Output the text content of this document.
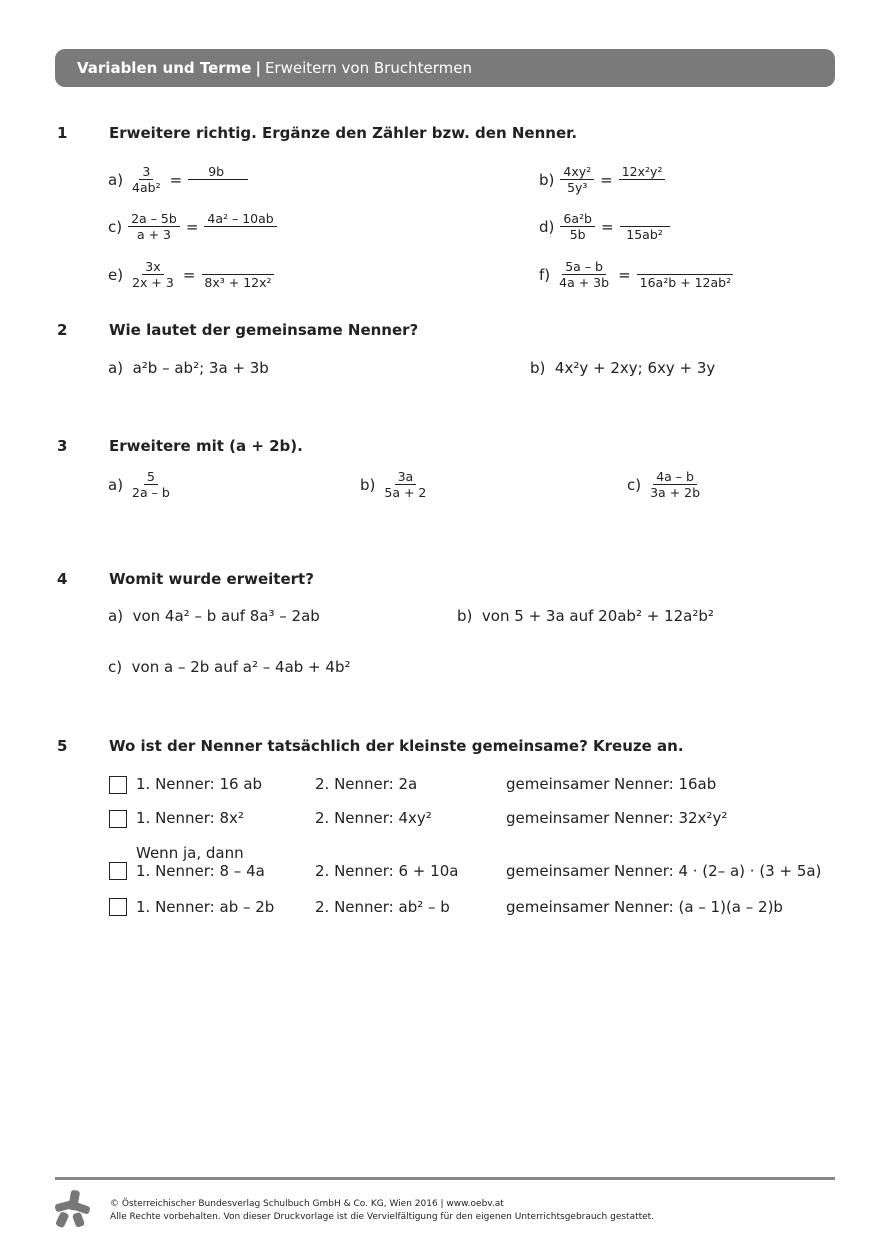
Variablen und Terme | Erweitern von Bruchtermen
1	Erweitere richtig. Ergänze den Zähler bzw. den Nenner.
$a) \frac{3}{\text{4ab²}}$ =	9b	$b) \frac{\text{4xy²}}{\text{5y³}} = 12x^2y^2$
$c) \frac{2a - 5b}{a + 3} = 4a^2 - 10ab$	$d) \frac{\text{6a²b}}{5b} = 15ab^2$
$e) \frac{3x}{2x + 3} = 8x^3 + 12x^2$	$f) \frac{5a - b}{4a + 3b} = 16a^2b + 12ab^2$
2	Wie lautet der gemeinsame Nenner?
a) a²b – ab²; 3a + 3b	b) 4x²y + 2xy; 6xy + 3y
3	Erweitere mit (a + 2b).
$a) \frac{5}{2a - b}$	$b) \frac{3a}{5a + 2}$	$c) \frac{4a - b}{3a + 2b}$
4	Womit wurde erweitert?
a) von 4a² – b auf 8a³ – 2ab	b) von 5 + 3a auf 20ab² + 12a²b²
c) von a – 2b auf a² – 4ab + 4b²
5	Wo ist der Nenner tatsächlich der kleinste gemeinsame? Kreuze an.
1. Nenner: 16 ab	2. Nenner: 2a	gemeinsamer Nenner: 16ab
1. Nenner: 8x²	2. Nenner: 4xy²	gemeinsamer Nenner: 32x²y²
Wenn ja, dann
1. Nenner: 8 – 4a	2. Nenner: 6 + 10a	gemeinsamer Nenner: 4 · (2– a) · (3 + 5a)
1. Nenner: ab – 2b	2. Nenner: ab² – b	gemeinsamer Nenner: (a – 1)(a – 2)b
© Österreichischer Bundesverlag Schulbuch GmbH & Co. KG, Wien 2016 | www.oebv.at
Alle Rechte vorbehalten. Von dieser Druckvorlage ist die Vervielfältigung für den eigenen Unterrichtsgebrauch gestattet.
